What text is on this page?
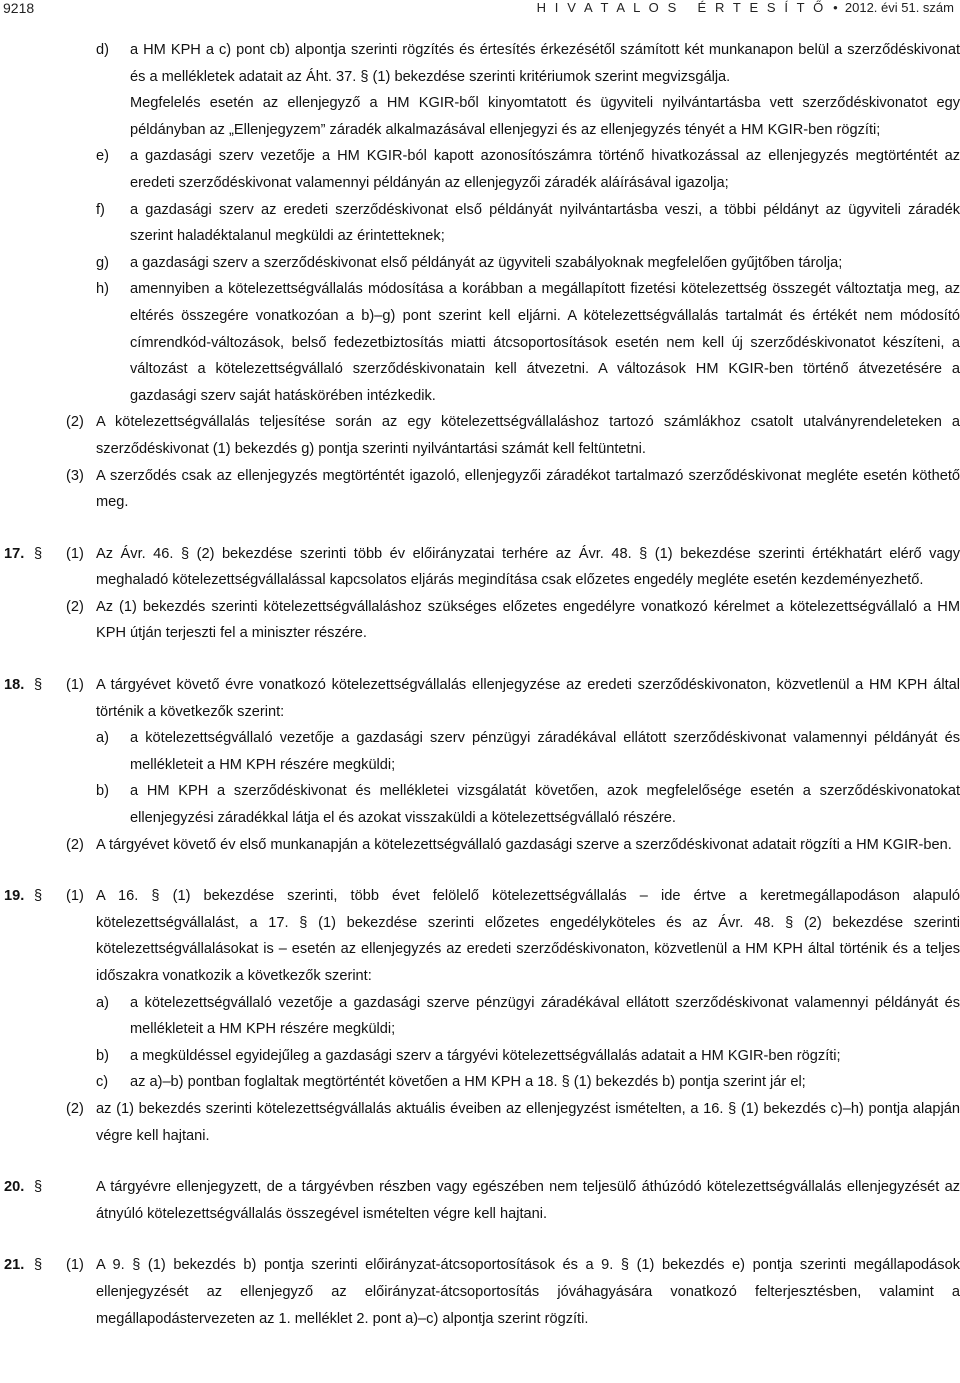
9218	H I V A T A L O S   É R T E S Í T Ő • 2012. évi 51. szám

d) a HM KPH a c) pont cb) alpontja szerinti rögzítés és értesítés érkezésétől számított két munkanapon belül a szerződéskivonat és a mellékletek adatait az Áht. 37. § (1) bekezdése szerinti kritériumok szerint megvizsgálja.

Megfelelés esetén az ellenjegyző a HM KGIR-ből kinyomtatott és ügyviteli nyilvántartásba vett szerződéskivonatot egy példányban az „Ellenjegyzem” záradék alkalmazásával ellenjegyzi és az ellenjegyzés tényét a HM KGIR-ben rögzíti;

e) a gazdasági szerv vezetője a HM KGIR-ból kapott azonosítószámra történő hivatkozással az ellenjegyzés megtörténtét az eredeti szerződéskivonat valamennyi példányán az ellenjegyzői záradék aláírásával igazolja;

f) a gazdasági szerv az eredeti szerződéskivonat első példányát nyilvántartásba veszi, a többi példányt az ügyviteli záradék szerint haladéktalanul megküldi az érintetteknek;

g) a gazdasági szerv a szerződéskivonat első példányát az ügyviteli szabályoknak megfelelően gyűjtőben tárolja;

h) amennyiben a kötelezettségvállalás módosítása a korábban a megállapított fizetési kötelezettség összegét változtatja meg, az eltérés összegére vonatkozóan a b)–g) pont szerint kell eljárni. A kötelezettségvállalás tartalmát és értékét nem módosító címrendkód-változások, belső fedezetbiztosítás miatti átcsoportosítások esetén nem kell új szerződéskivonatot készíteni, a változást a kötelezettségvállaló szerződéskivonatain kell átvezetni. A változások HM KGIR-ben történő átvezetésére a gazdasági szerv saját hatáskörében intézkedik.

(2) A kötelezettségvállalás teljesítése során az egy kötelezettségvállaláshoz tartozó számlákhoz csatolt utalványrendeleteken a szerződéskivonat (1) bekezdés g) pontja szerinti nyilvántartási számát kell feltüntetni.

(3) A szerződés csak az ellenjegyzés megtörténtét igazoló, ellenjegyzői záradékot tartalmazó szerződéskivonat megléte esetén köthető meg.

17. § (1) Az Ávr. 46. § (2) bekezdése szerinti több év előirányzatai terhére az Ávr. 48. § (1) bekezdése szerinti értékhatárt elérő vagy meghaladó kötelezettségvállalással kapcsolatos eljárás megindítása csak előzetes engedély megléte esetén kezdeményezhető.

(2) Az (1) bekezdés szerinti kötelezettségvállaláshoz szükséges előzetes engedélyre vonatkozó kérelmet a kötelezettségvállaló a HM KPH útján terjeszti fel a miniszter részére.

18. § (1) A tárgyévet követő évre vonatkozó kötelezettségvállalás ellenjegyzése az eredeti szerződéskivonaton, közvetlenül a HM KPH által történik a következők szerint:

a) a kötelezettségvállaló vezetője a gazdasági szerv pénzügyi záradékával ellátott szerződéskivonat valamennyi példányát és mellékleteit a HM KPH részére megküldi;

b) a HM KPH a szerződéskivonat és mellékletei vizsgálatát követően, azok megfelelősége esetén a szerződéskivonatokat ellenjegyzési záradékkal látja el és azokat visszaküldi a kötelezettségvállaló részére.

(2) A tárgyévet követő év első munkanapján a kötelezettségvállaló gazdasági szerve a szerződéskivonat adatait rögzíti a HM KGIR-ben.

19. § (1) A 16. § (1) bekezdése szerinti, több évet felölelő kötelezettségvállalás – ide értve a keretmegállapodáson alapuló kötelezettségvállalást, a 17. § (1) bekezdése szerinti előzetes engedélyköteles és az Ávr. 48. § (2) bekezdése szerinti kötelezettségvállalásokat is – esetén az ellenjegyzés az eredeti szerződéskivonaton, közvetlenül a HM KPH által történik és a teljes időszakra vonatkozik a következők szerint:

a) a kötelezettségvállaló vezetője a gazdasági szerve pénzügyi záradékával ellátott szerződéskivonat valamennyi példányát és mellékleteit a HM KPH részére megküldi;

b) a megküldéssel egyidejűleg a gazdasági szerv a tárgyévi kötelezettségvállalás adatait a HM KGIR-ben rögzíti;

c) az a)–b) pontban foglaltak megtörténtét követően a HM KPH a 18. § (1) bekezdés b) pontja szerint jár el;

(2) az (1) bekezdés szerinti kötelezettségvállalás aktuális éveiben az ellenjegyzést ismételten, a 16. § (1) bekezdés c)–h) pontja alapján végre kell hajtani.

20. §	A tárgyévre ellenjegyzett, de a tárgyévben részben vagy egészében nem teljesülő áthúzódó kötelezettségvállalás ellenjegyzését az átnyúló kötelezettségvállalás összegével ismételten végre kell hajtani.

21. § (1) A 9. § (1) bekezdés b) pontja szerinti előirányzat-átcsoportosítások és a 9. § (1) bekezdés e) pontja szerinti megállapodások ellenjegyzését az ellenjegyző az előirányzat-átcsoportosítás jóváhagyására vonatkozó felterjesztésben, valamint a megállapodástervezeten az 1. melléklet 2. pont a)–c) alpontja szerint rögzíti.
